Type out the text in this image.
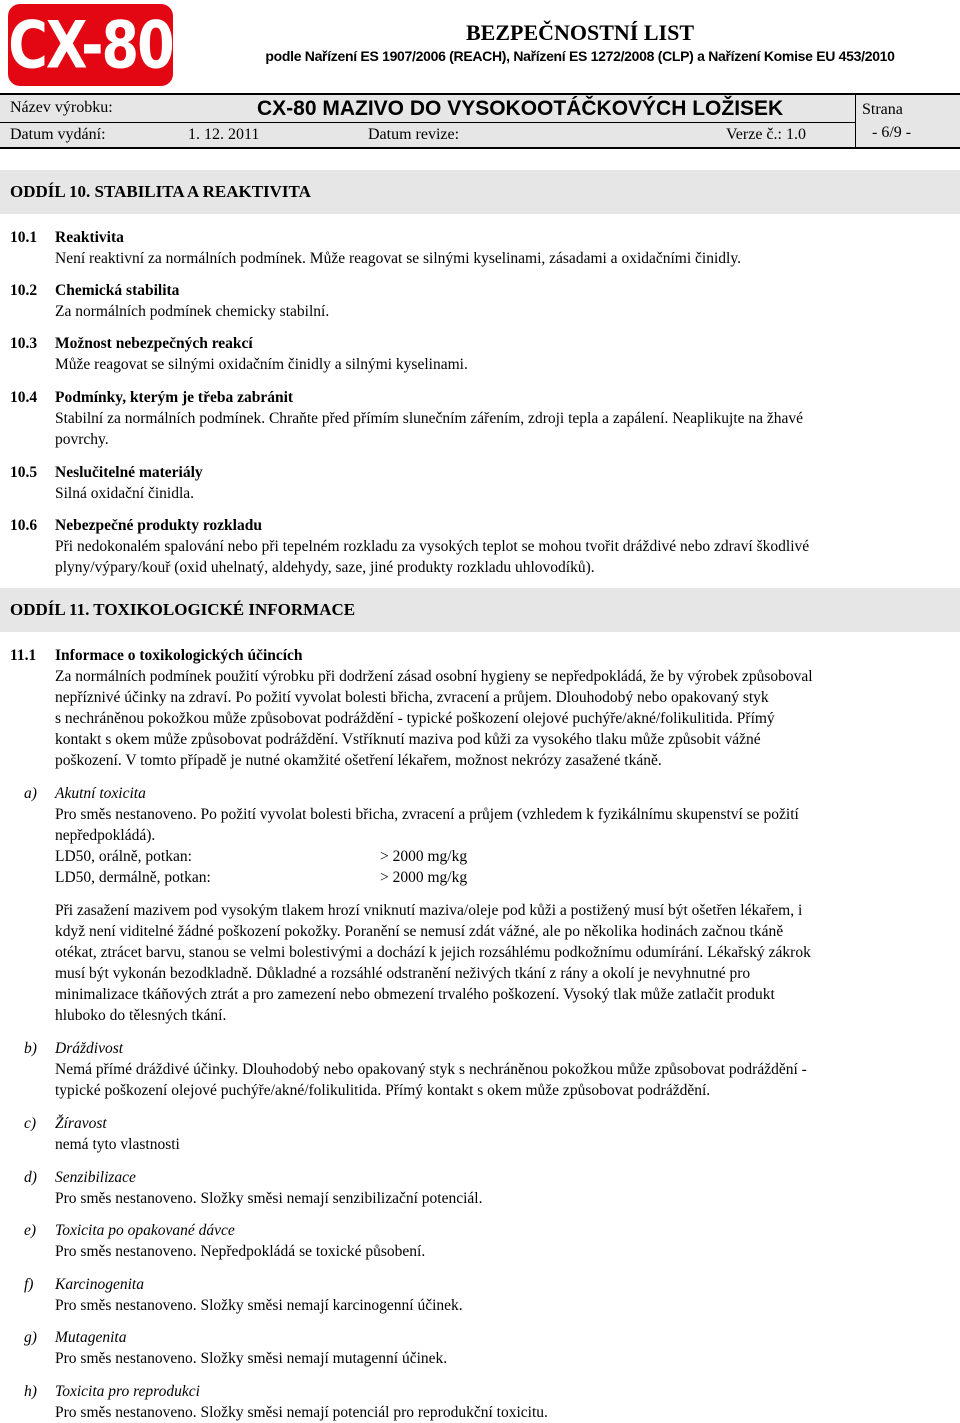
CX-80	BEZPEČNOSTNÍ LIST
podle Nařízení ES 1907/2006 (REACH), Nařízení ES 1272/2008 (CLP) a Nařízení Komise EU 453/2010
Název výrobku:	CX-80 MAZIVO DO VYSOKOOTÁČKOVÝCH LOŽISEK
Datum vydání:	1. 12. 2011	Datum revize:	Verze č.: 1.0
Strana
- 6/9 -
ODDÍL 10. STABILITA A REAKTIVITA
10.1 Reaktivita
Není reaktivní za normálních podmínek. Může reagovat se silnými kyselinami, zásadami a oxidačními činidly.
10.2 Chemická stabilita
Za normálních podmínek chemicky stabilní.
10.3 Možnost nebezpečných reakcí
Může reagovat se silnými oxidačním činidly a silnými kyselinami.
10.4 Podmínky, kterým je třeba zabránit
Stabilní za normálních podmínek. Chraňte před přímím slunečním zářením, zdroji tepla a zapálení. Neaplikujte na žhavé
povrchy.
10.5 Neslučitelné materiály
Silná oxidační činidla.
10.6 Nebezpečné produkty rozkladu
Při nedokonalém spalování nebo při tepelném rozkladu za vysokých teplot se mohou tvořit dráždivé nebo zdraví škodlivé
plyny/výpary/kouř (oxid uhelnatý, aldehydy, saze, jiné produkty rozkladu uhlovodíků).
ODDÍL 11. TOXIKOLOGICKÉ INFORMACE
11.1 Informace o toxikologických účincích
Za normálních podmínek použití výrobku při dodržení zásad osobní hygieny se nepředpokládá, že by výrobek způsoboval
nepříznivé účinky na zdraví. Po požití vyvolat bolesti břicha, zvracení a průjem. Dlouhodobý nebo opakovaný styk
s nechráněnou pokožkou může způsobovat podráždění - typické poškození olejové puchýře/akné/folikulitida. Přímý
kontakt s okem může způsobovat podráždění. Vstříknutí maziva pod kůži za vysokého tlaku může způsobit vážné
poškození. V tomto případě je nutné okamžité ošetření lékařem, možnost nekrózy zasažené tkáně.
a) Akutní toxicita
Pro směs nestanoveno. Po požití vyvolat bolesti břicha, zvracení a průjem (vzhledem k fyzikálnímu skupenství se požití
nepředpokládá).
LD50, orálně, potkan:	> 2000 mg/kg
LD50, dermálně, potkan:	> 2000 mg/kg
Při zasažení mazivem pod vysokým tlakem hrozí vniknutí maziva/oleje pod kůži a postižený musí být ošetřen lékařem, i
když není viditelné žádné poškození pokožky. Poranění se nemusí zdát vážné, ale po několika hodinách začnou tkáně
otékat, ztrácet barvu, stanou se velmi bolestivými a dochází k jejich rozsáhlému podkožnímu odumírání. Lékařský zákrok
musí být vykonán bezodkladně. Důkladné a rozsáhlé odstranění neživých tkání z rány a okolí je nevyhnutné pro
minimalizace tkáňových ztrát a pro zamezení nebo obmezení trvalého poškození. Vysoký tlak může zatlačit produkt
hluboko do tělesných tkání.
b) Dráždivost
Nemá přímé dráždivé účinky. Dlouhodobý nebo opakovaný styk s nechráněnou pokožkou může způsobovat podráždění -
typické poškození olejové puchýře/akné/folikulitida. Přímý kontakt s okem může způsobovat podráždění.
c) Žíravost
nemá tyto vlastnosti
d) Senzibilizace
Pro směs nestanoveno. Složky směsi nemají senzibilizační potenciál.
e) Toxicita po opakované dávce
Pro směs nestanoveno. Nepředpokládá se toxické působení.
f) Karcinogenita
Pro směs nestanoveno. Složky směsi nemají karcinogenní účinek.
g) Mutagenita
Pro směs nestanoveno. Složky směsi nemají mutagenní účinek.
h) Toxicita pro reprodukci
Pro směs nestanoveno. Složky směsi nemají potenciál pro reprodukční toxicitu.
